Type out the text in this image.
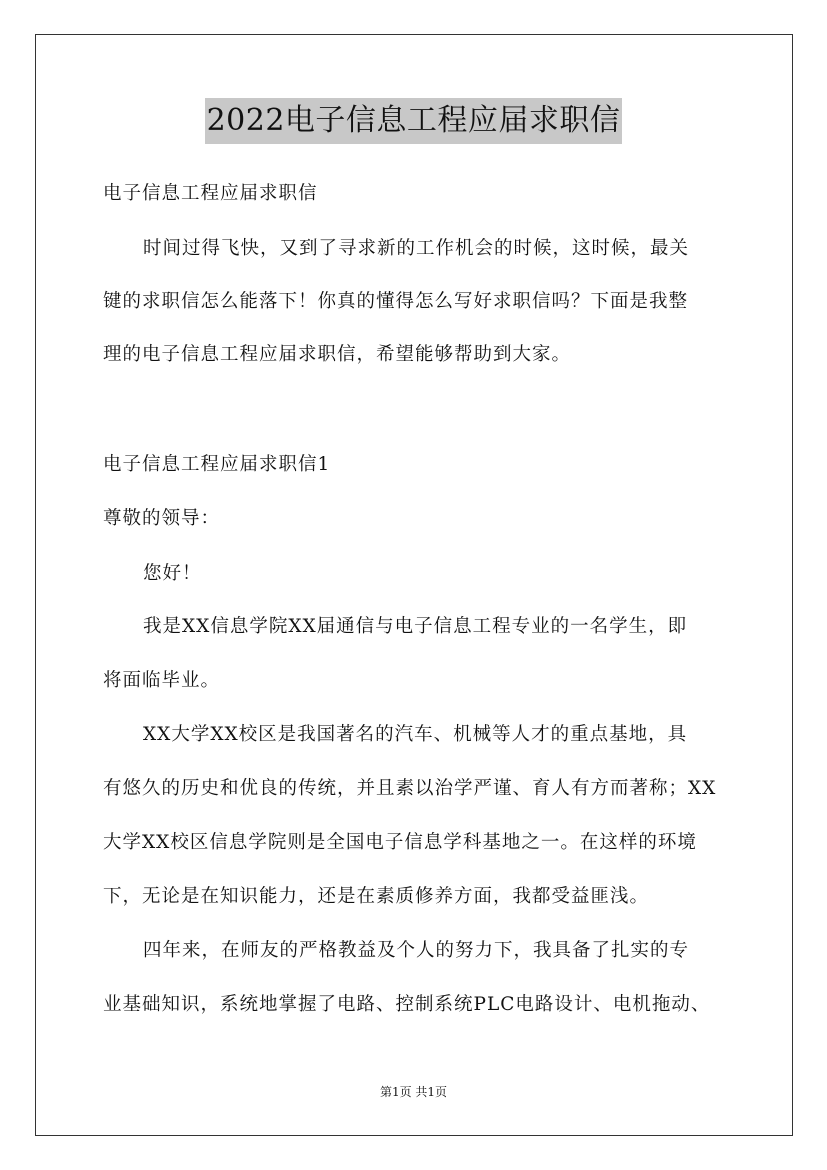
2022电子信息工程应届求职信
电子信息工程应届求职信
时间过得飞快，又到了寻求新的工作机会的时候，这时候，最关
键的求职信怎么能落下！你真的懂得怎么写好求职信吗？下面是我整
理的电子信息工程应届求职信，希望能够帮助到大家。
电子信息工程应届求职信1
尊敬的领导：
您好！
我是XX信息学院XX届通信与电子信息工程专业的一名学生，即
将面临毕业。
XX大学XX校区是我国著名的汽车、机械等人才的重点基地，具
有悠久的历史和优良的传统，并且素以治学严谨、育人有方而著称；XX
大学XX校区信息学院则是全国电子信息学科基地之一。在这样的环境
下，无论是在知识能力，还是在素质修养方面，我都受益匪浅。
四年来，在师友的严格教益及个人的努力下，我具备了扎实的专
业基础知识，系统地掌握了电路、控制系统PLC电路设计、电机拖动、
第1页 共1页
